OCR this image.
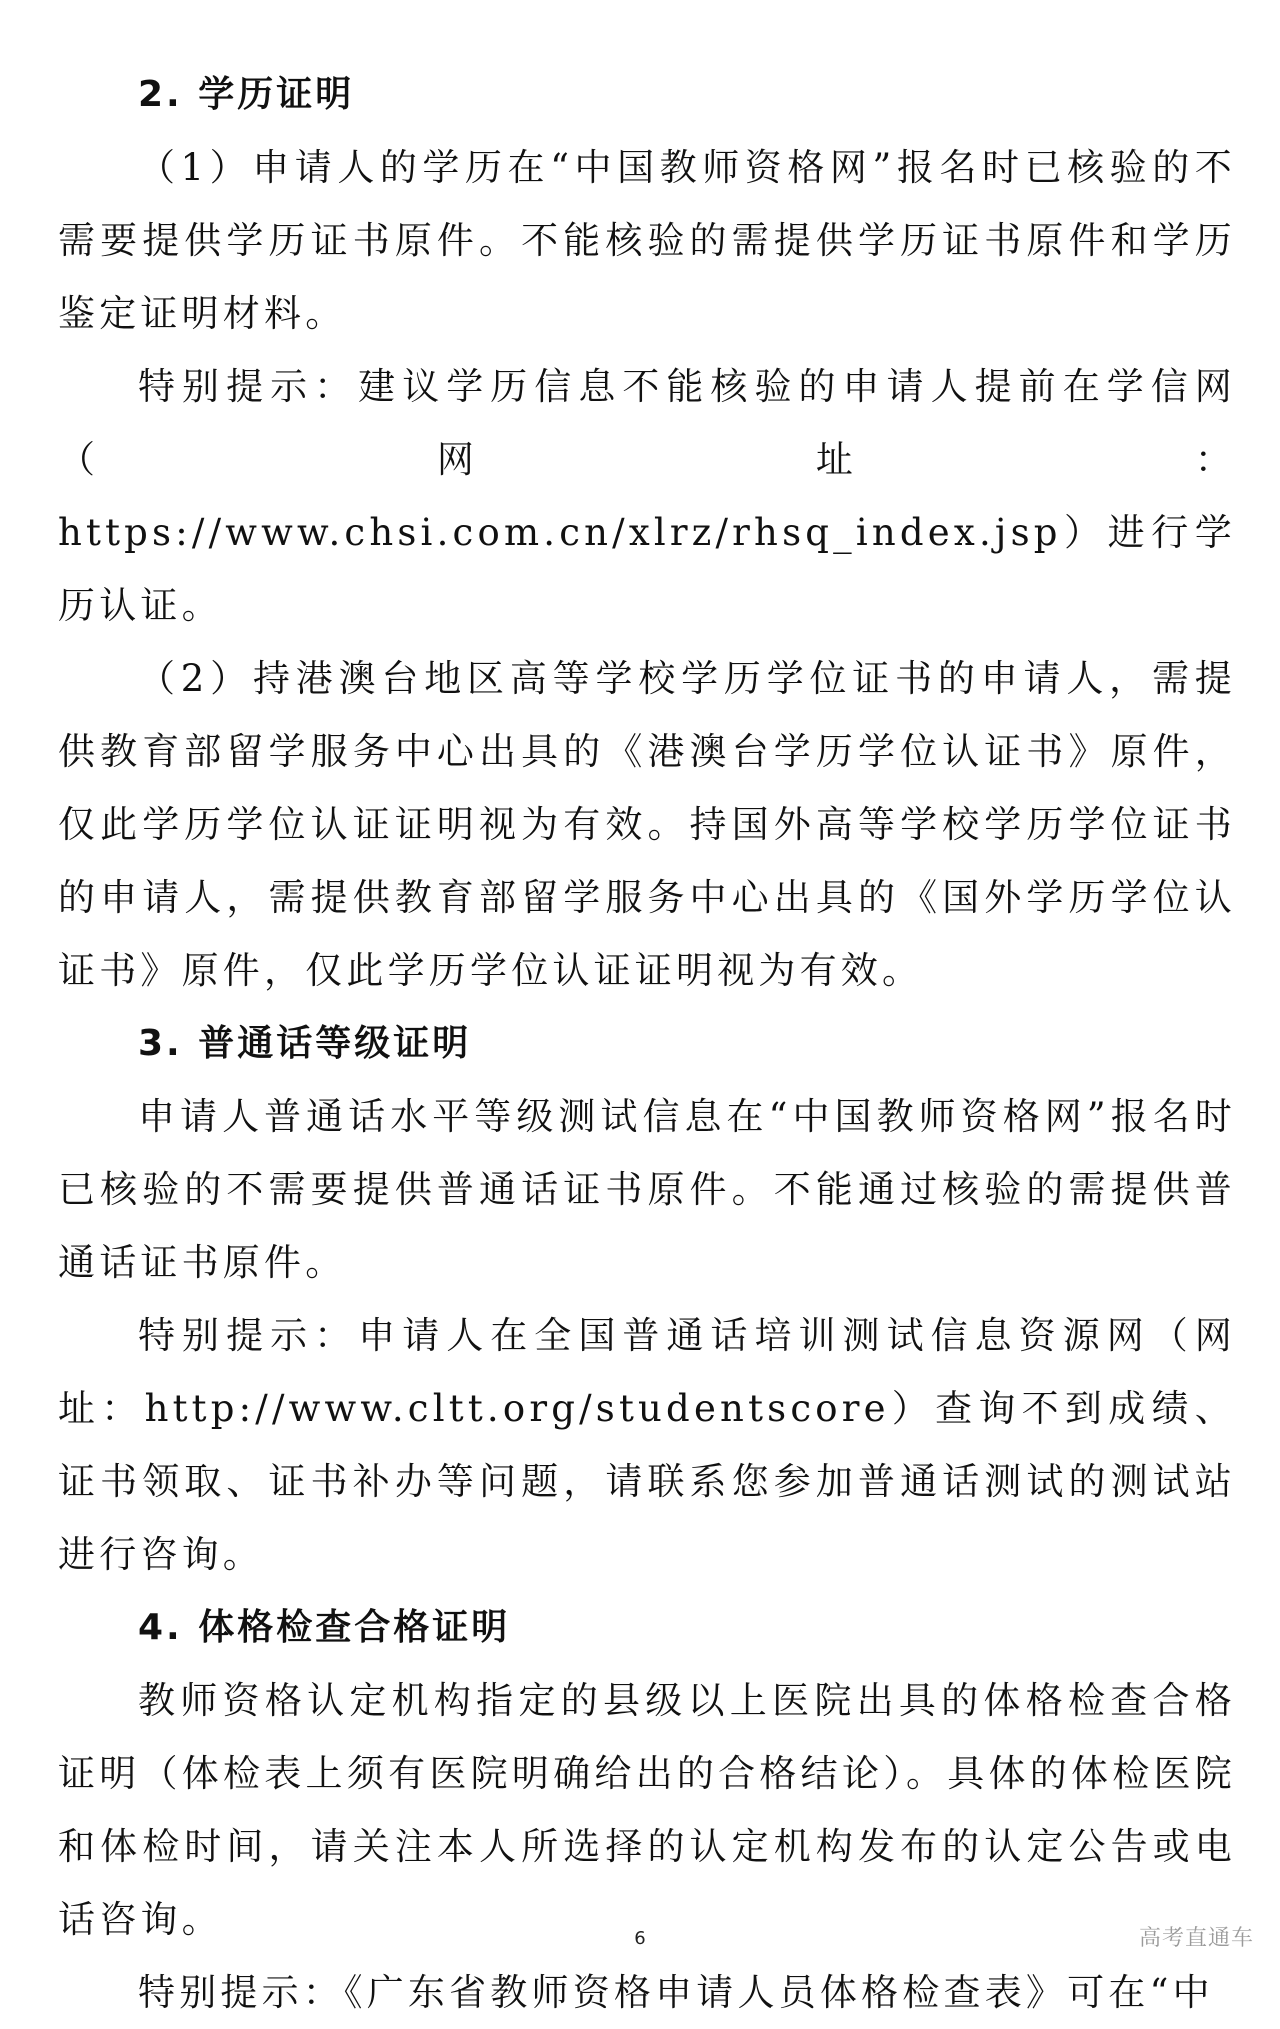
2. 学历证明

（1）申请人的学历在“中国教师资格网”报名时已核验的不需要提供学历证书原件。不能核验的需提供学历证书原件和学历鉴定证明材料。

特别提示：建议学历信息不能核验的申请人提前在学信网（网址：https://www.chsi.com.cn/xlrz/rhsq_index.jsp）进行学历认证。

（2）持港澳台地区高等学校学历学位证书的申请人，需提供教育部留学服务中心出具的《港澳台学历学位认证书》原件，仅此学历学位认证证明视为有效。持国外高等学校学历学位证书的申请人，需提供教育部留学服务中心出具的《国外学历学位认证书》原件，仅此学历学位认证证明视为有效。

3. 普通话等级证明

申请人普通话水平等级测试信息在“中国教师资格网”报名时已核验的不需要提供普通话证书原件。不能通过核验的需提供普通话证书原件。

特别提示：申请人在全国普通话培训测试信息资源网（网址：http://www.cltt.org/studentscore）查询不到成绩、证书领取、证书补办等问题，请联系您参加普通话测试的测试站进行咨询。

4. 体格检查合格证明

教师资格认定机构指定的县级以上医院出具的体格检查合格证明（体检表上须有医院明确给出的合格结论）。具体的体检医院和体检时间，请关注本人所选择的认定机构发布的认定公告或电话咨询。

特别提示：《广东省教师资格申请人员体格检查表》可在“中

6	高考直通车
